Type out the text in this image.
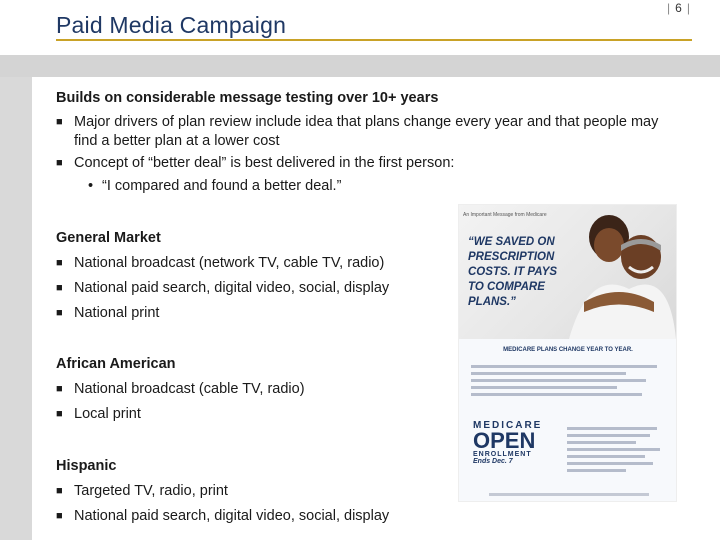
Paid Media Campaign
| 6 |

Builds on considerable message testing over 10+ years

■ Major drivers of plan review include idea that plans change every year and that people may find a better plan at a lower cost
■ Concept of “better deal” is best delivered in the first person:
• “I compared and found a better deal.”
General Market
■ National broadcast (network TV, cable TV, radio)
■ National paid search, digital video, social, display
■ National print
African American
■ National broadcast (cable TV, radio)
■ Local print
Hispanic
■ Targeted TV, radio, print
■ National paid search, digital video, social, display
An Important Message from Medicare
“WE SAVED ON PRESCRIPTION COSTS. IT PAYS TO COMPARE PLANS.”
MEDICARE PLANS CHANGE YEAR TO YEAR.
MEDICARE
OPEN
ENROLLMENT
Ends Dec. 7
